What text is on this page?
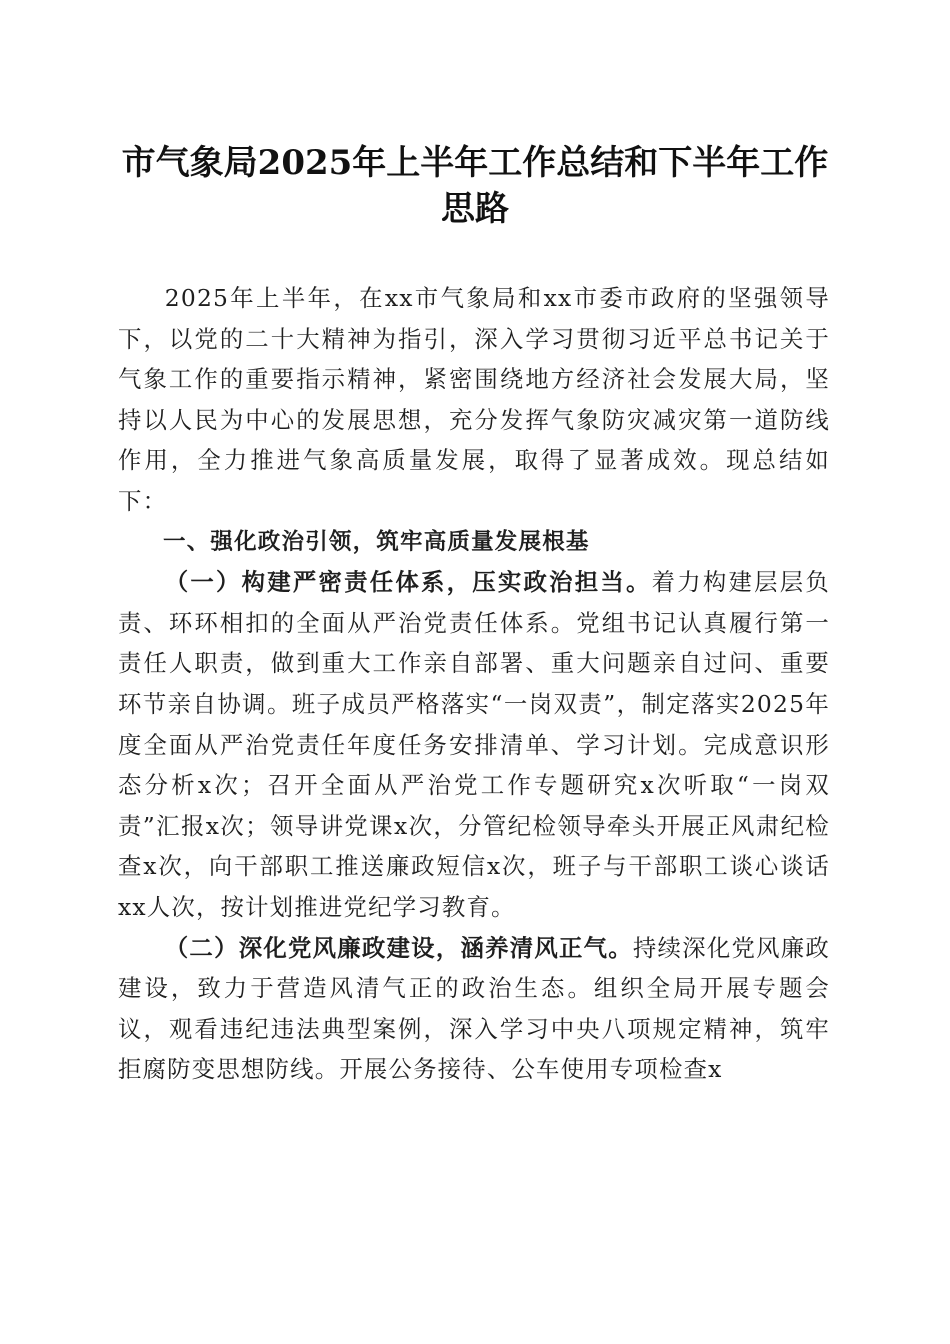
市气象局2025年上半年工作总结和下半年工作思路

2025年上半年，在xx市气象局和xx市委市政府的坚强领导下，以党的二十大精神为指引，深入学习贯彻习近平总书记关于气象工作的重要指示精神，紧密围绕地方经济社会发展大局，坚持以人民为中心的发展思想，充分发挥气象防灾减灾第一道防线作用，全力推进气象高质量发展，取得了显著成效。现总结如下：

一、强化政治引领，筑牢高质量发展根基

（一）构建严密责任体系，压实政治担当。着力构建层层负责、环环相扣的全面从严治党责任体系。党组书记认真履行第一责任人职责，做到重大工作亲自部署、重大问题亲自过问、重要环节亲自协调。班子成员严格落实“一岗双责”，制定落实2025年度全面从严治党责任年度任务安排清单、学习计划。完成意识形态分析x次；召开全面从严治党工作专题研究x次听取“一岗双责”汇报x次；领导讲党课x次，分管纪检领导牵头开展正风肃纪检查x次，向干部职工推送廉政短信x次，班子与干部职工谈心谈话xx人次，按计划推进党纪学习教育。

（二）深化党风廉政建设，涵养清风正气。持续深化党风廉政建设，致力于营造风清气正的政治生态。组织全局开展专题会议，观看违纪违法典型案例，深入学习中央八项规定精神，筑牢拒腐防变思想防线。开展公务接待、公车使用专项检查x
